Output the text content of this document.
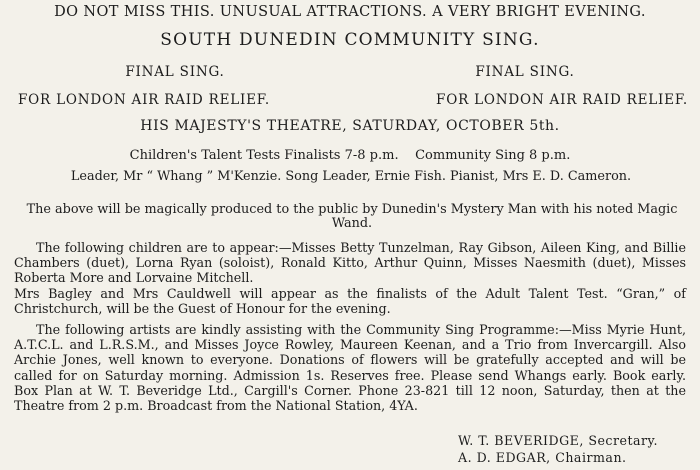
DO NOT MISS THIS. UNUSUAL ATTRACTIONS. A VERY BRIGHT EVENING.
SOUTH DUNEDIN COMMUNITY SING.
FINAL SING.	FINAL SING.
FOR LONDON AIR RAID RELIEF.	FOR LONDON AIR RAID RELIEF.
HIS MAJESTY'S THEATRE, SATURDAY, OCTOBER 5th.
Children's Talent Tests Finalists 7-8 p.m.    Community Sing 8 p.m.
Leader, Mr “ Whang ” M'Kenzie. Song Leader, Ernie Fish. Pianist, Mrs E. D. Cameron.
The above will be magically produced to the public by Dunedin's Mystery Man with his noted Magic Wand.

The following children are to appear:—Misses Betty Tunzelman, Ray Gibson, Aileen King, and Billie Chambers (duet), Lorna Ryan (soloist), Ronald Kitto, Arthur Quinn, Misses Naesmith (duet), Misses Roberta More and Lorvaine Mitchell.

Mrs Bagley and Mrs Cauldwell will appear as the finalists of the Adult Talent Test. “Gran,” of Christchurch, will be the Guest of Honour for the evening.

The following artists are kindly assisting with the Community Sing Programme:—Miss Myrie Hunt, A.T.C.L. and L.R.S.M., and Misses Joyce Rowley, Maureen Keenan, and a Trio from Invercargill. Also Archie Jones, well known to everyone. Donations of flowers will be gratefully accepted and will be called for on Saturday morning. Admission 1s. Reserves free. Please send Whangs early. Book early. Box Plan at W. T. Beveridge Ltd., Cargill's Corner. Phone 23-821 till 12 noon, Saturday, then at the Theatre from 2 p.m. Broadcast from the National Station, 4YA.

W. T. BEVERIDGE, Secretary.
A. D. EDGAR, Chairman.
